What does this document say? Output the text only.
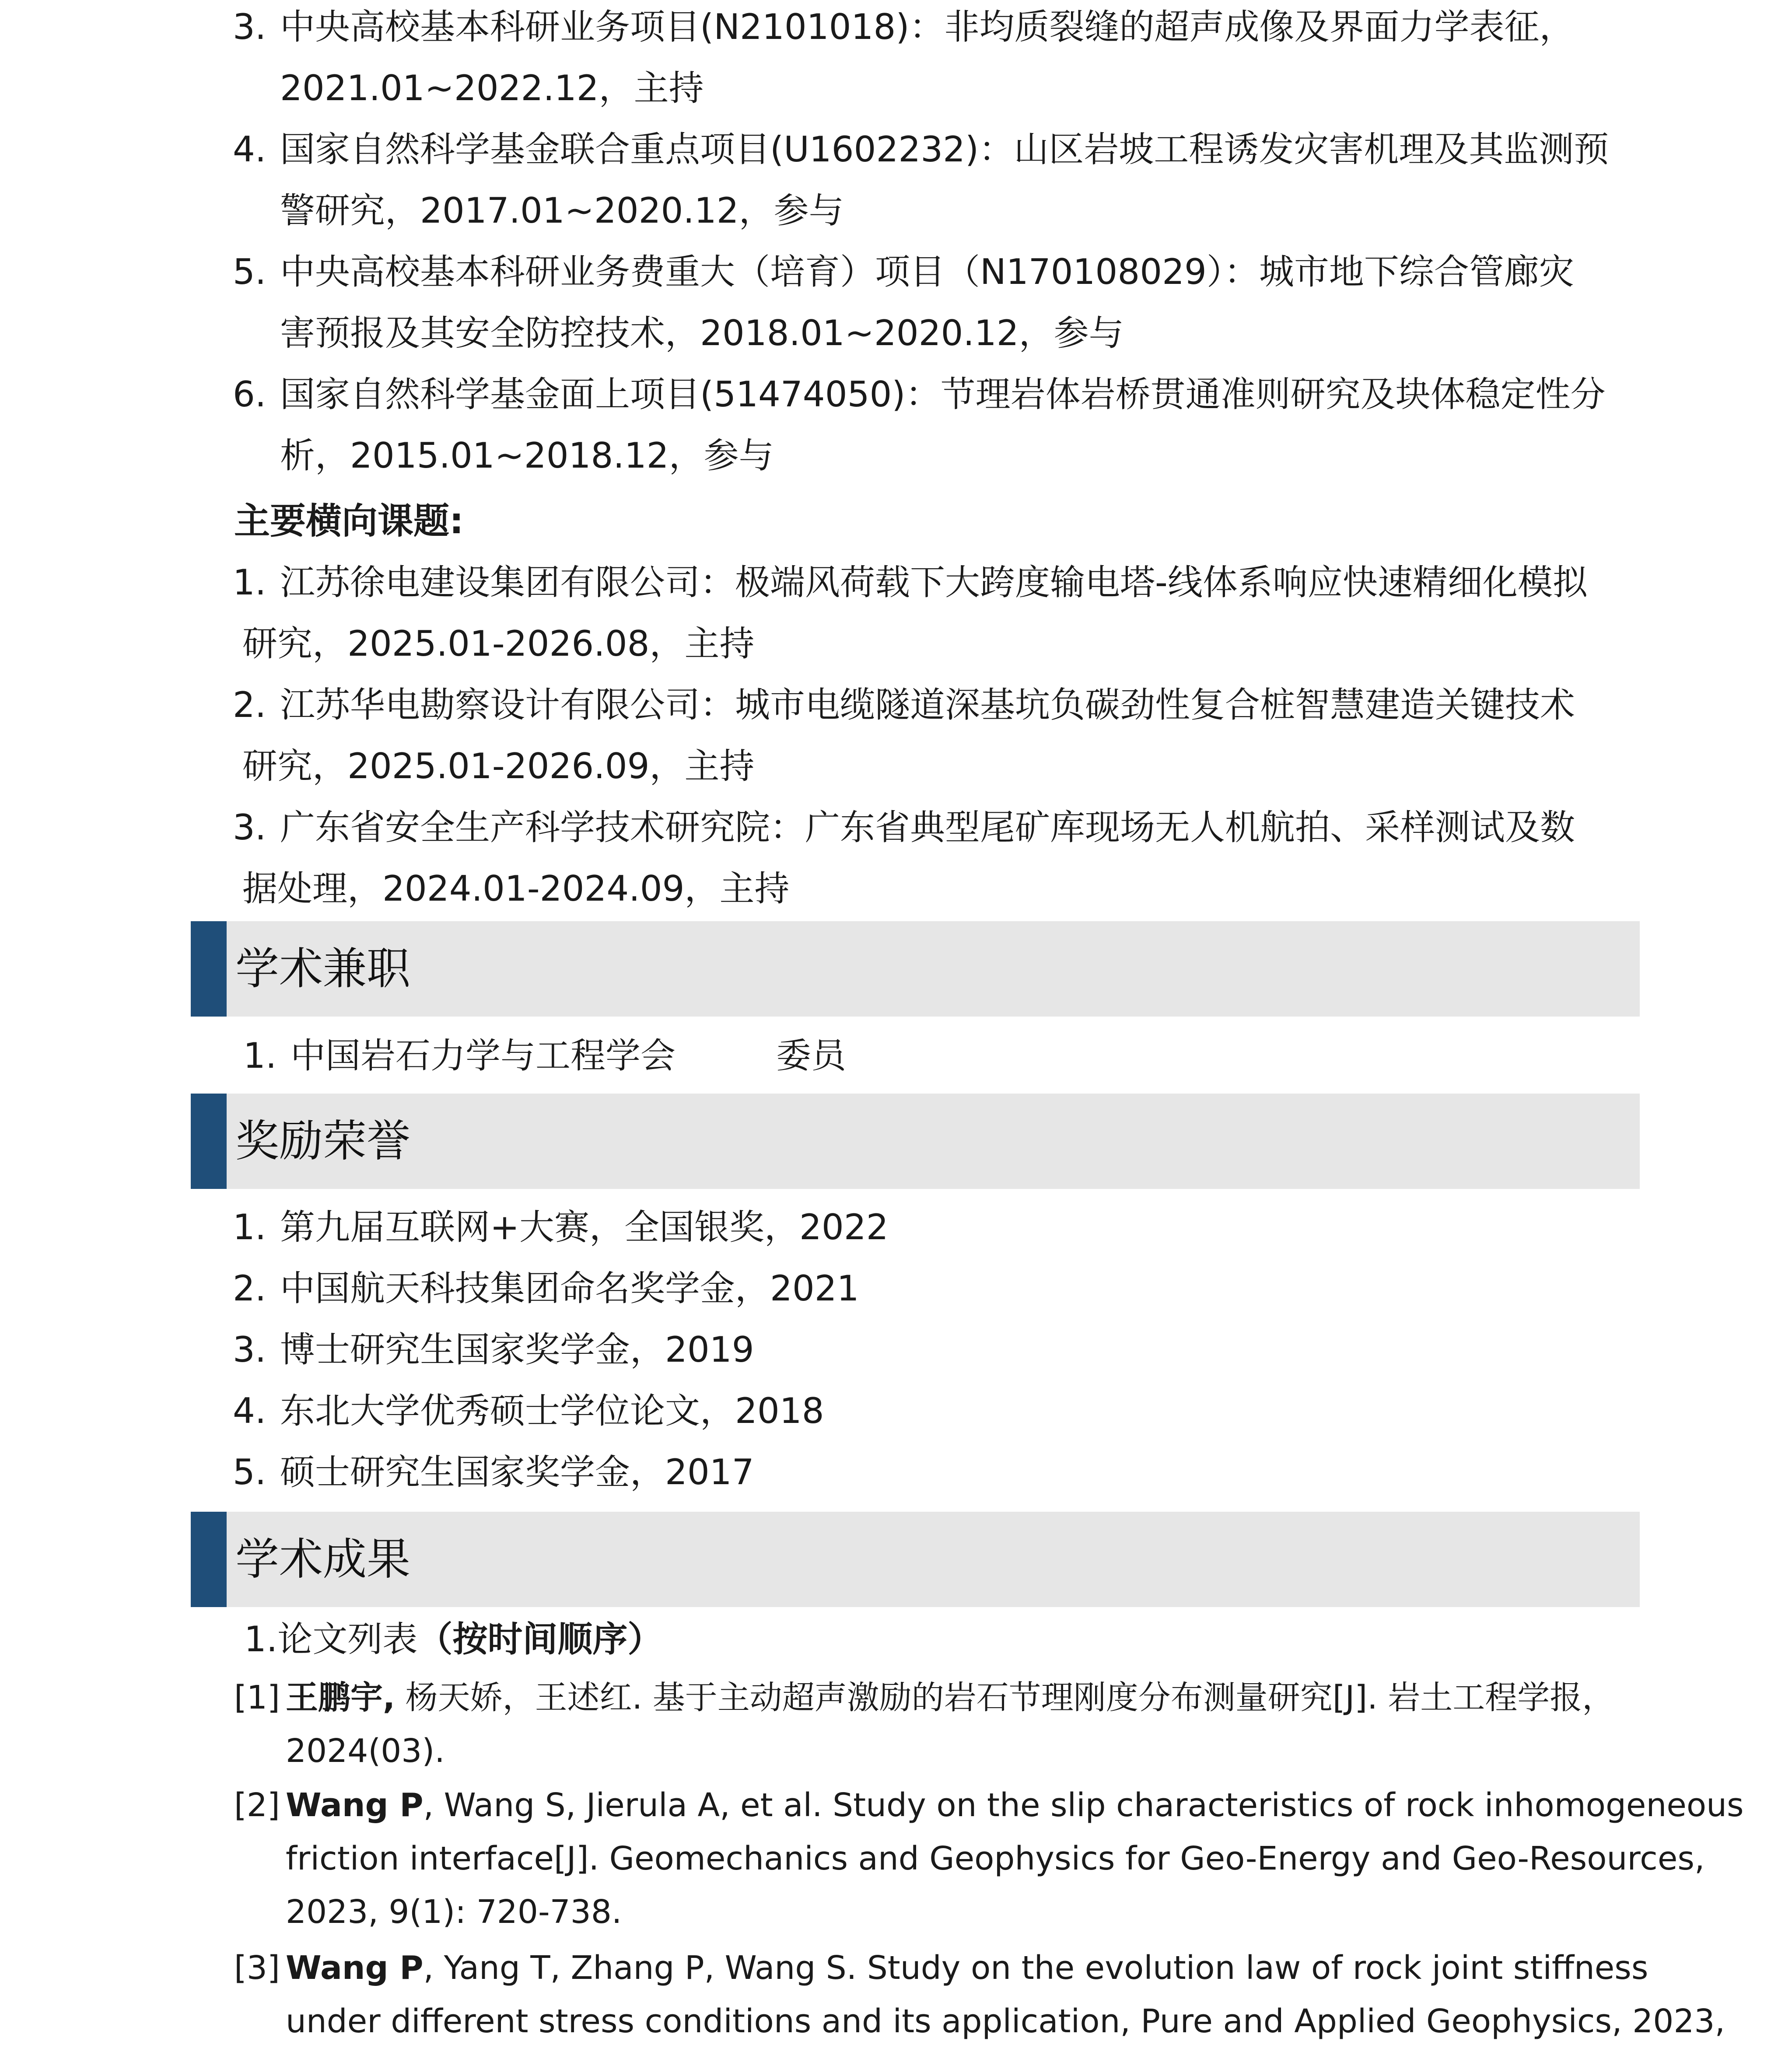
3. 中央高校基本科研业务项目(N2101018)：非均质裂缝的超声成像及界面力学表征，
2021.01~2022.12，主持
4. 国家自然科学基金联合重点项目(U1602232)：山区岩坡工程诱发灾害机理及其监测预
警研究，2017.01~2020.12，参与
5. 中央高校基本科研业务费重大（培育）项目（N170108029）：城市地下综合管廊灾
害预报及其安全防控技术，2018.01~2020.12，参与
6. 国家自然科学基金面上项目(51474050)：节理岩体岩桥贯通准则研究及块体稳定性分
析，2015.01~2018.12，参与
主要横向课题:
1. 江苏徐电建设集团有限公司：极端风荷载下大跨度输电塔-线体系响应快速精细化模拟
研究，2025.01-2026.08，主持
2. 江苏华电勘察设计有限公司：城市电缆隧道深基坑负碳劲性复合桩智慧建造关键技术
研究，2025.01-2026.09，主持
3. 广东省安全生产科学技术研究院：广东省典型尾矿库现场无人机航拍、采样测试及数
据处理，2024.01-2024.09，主持
学术兼职
1. 中国岩石力学与工程学会	委员
奖励荣誉
1. 第九届互联网+大赛，全国银奖，2022
2. 中国航天科技集团命名奖学金，2021
3. 博士研究生国家奖学金，2019
4. 东北大学优秀硕士学位论文，2018
5. 硕士研究生国家奖学金，2017
学术成果
1.论文列表（按时间顺序）
[1] 王鹏宇, 杨天娇，王述红. 基于主动超声激励的岩石节理刚度分布测量研究[J]. 岩土工程学报，
2024(03).
[2] Wang P, Wang S, Jierula A, et al. Study on the slip characteristics of rock inhomogeneous
friction interface[J]. Geomechanics and Geophysics for Geo-Energy and Geo-Resources,
2023, 9(1): 720-738.
[3] Wang P, Yang T, Zhang P, Wang S. Study on the evolution law of rock joint stiffness
under different stress conditions and its application, Pure and Applied Geophysics, 2023,
